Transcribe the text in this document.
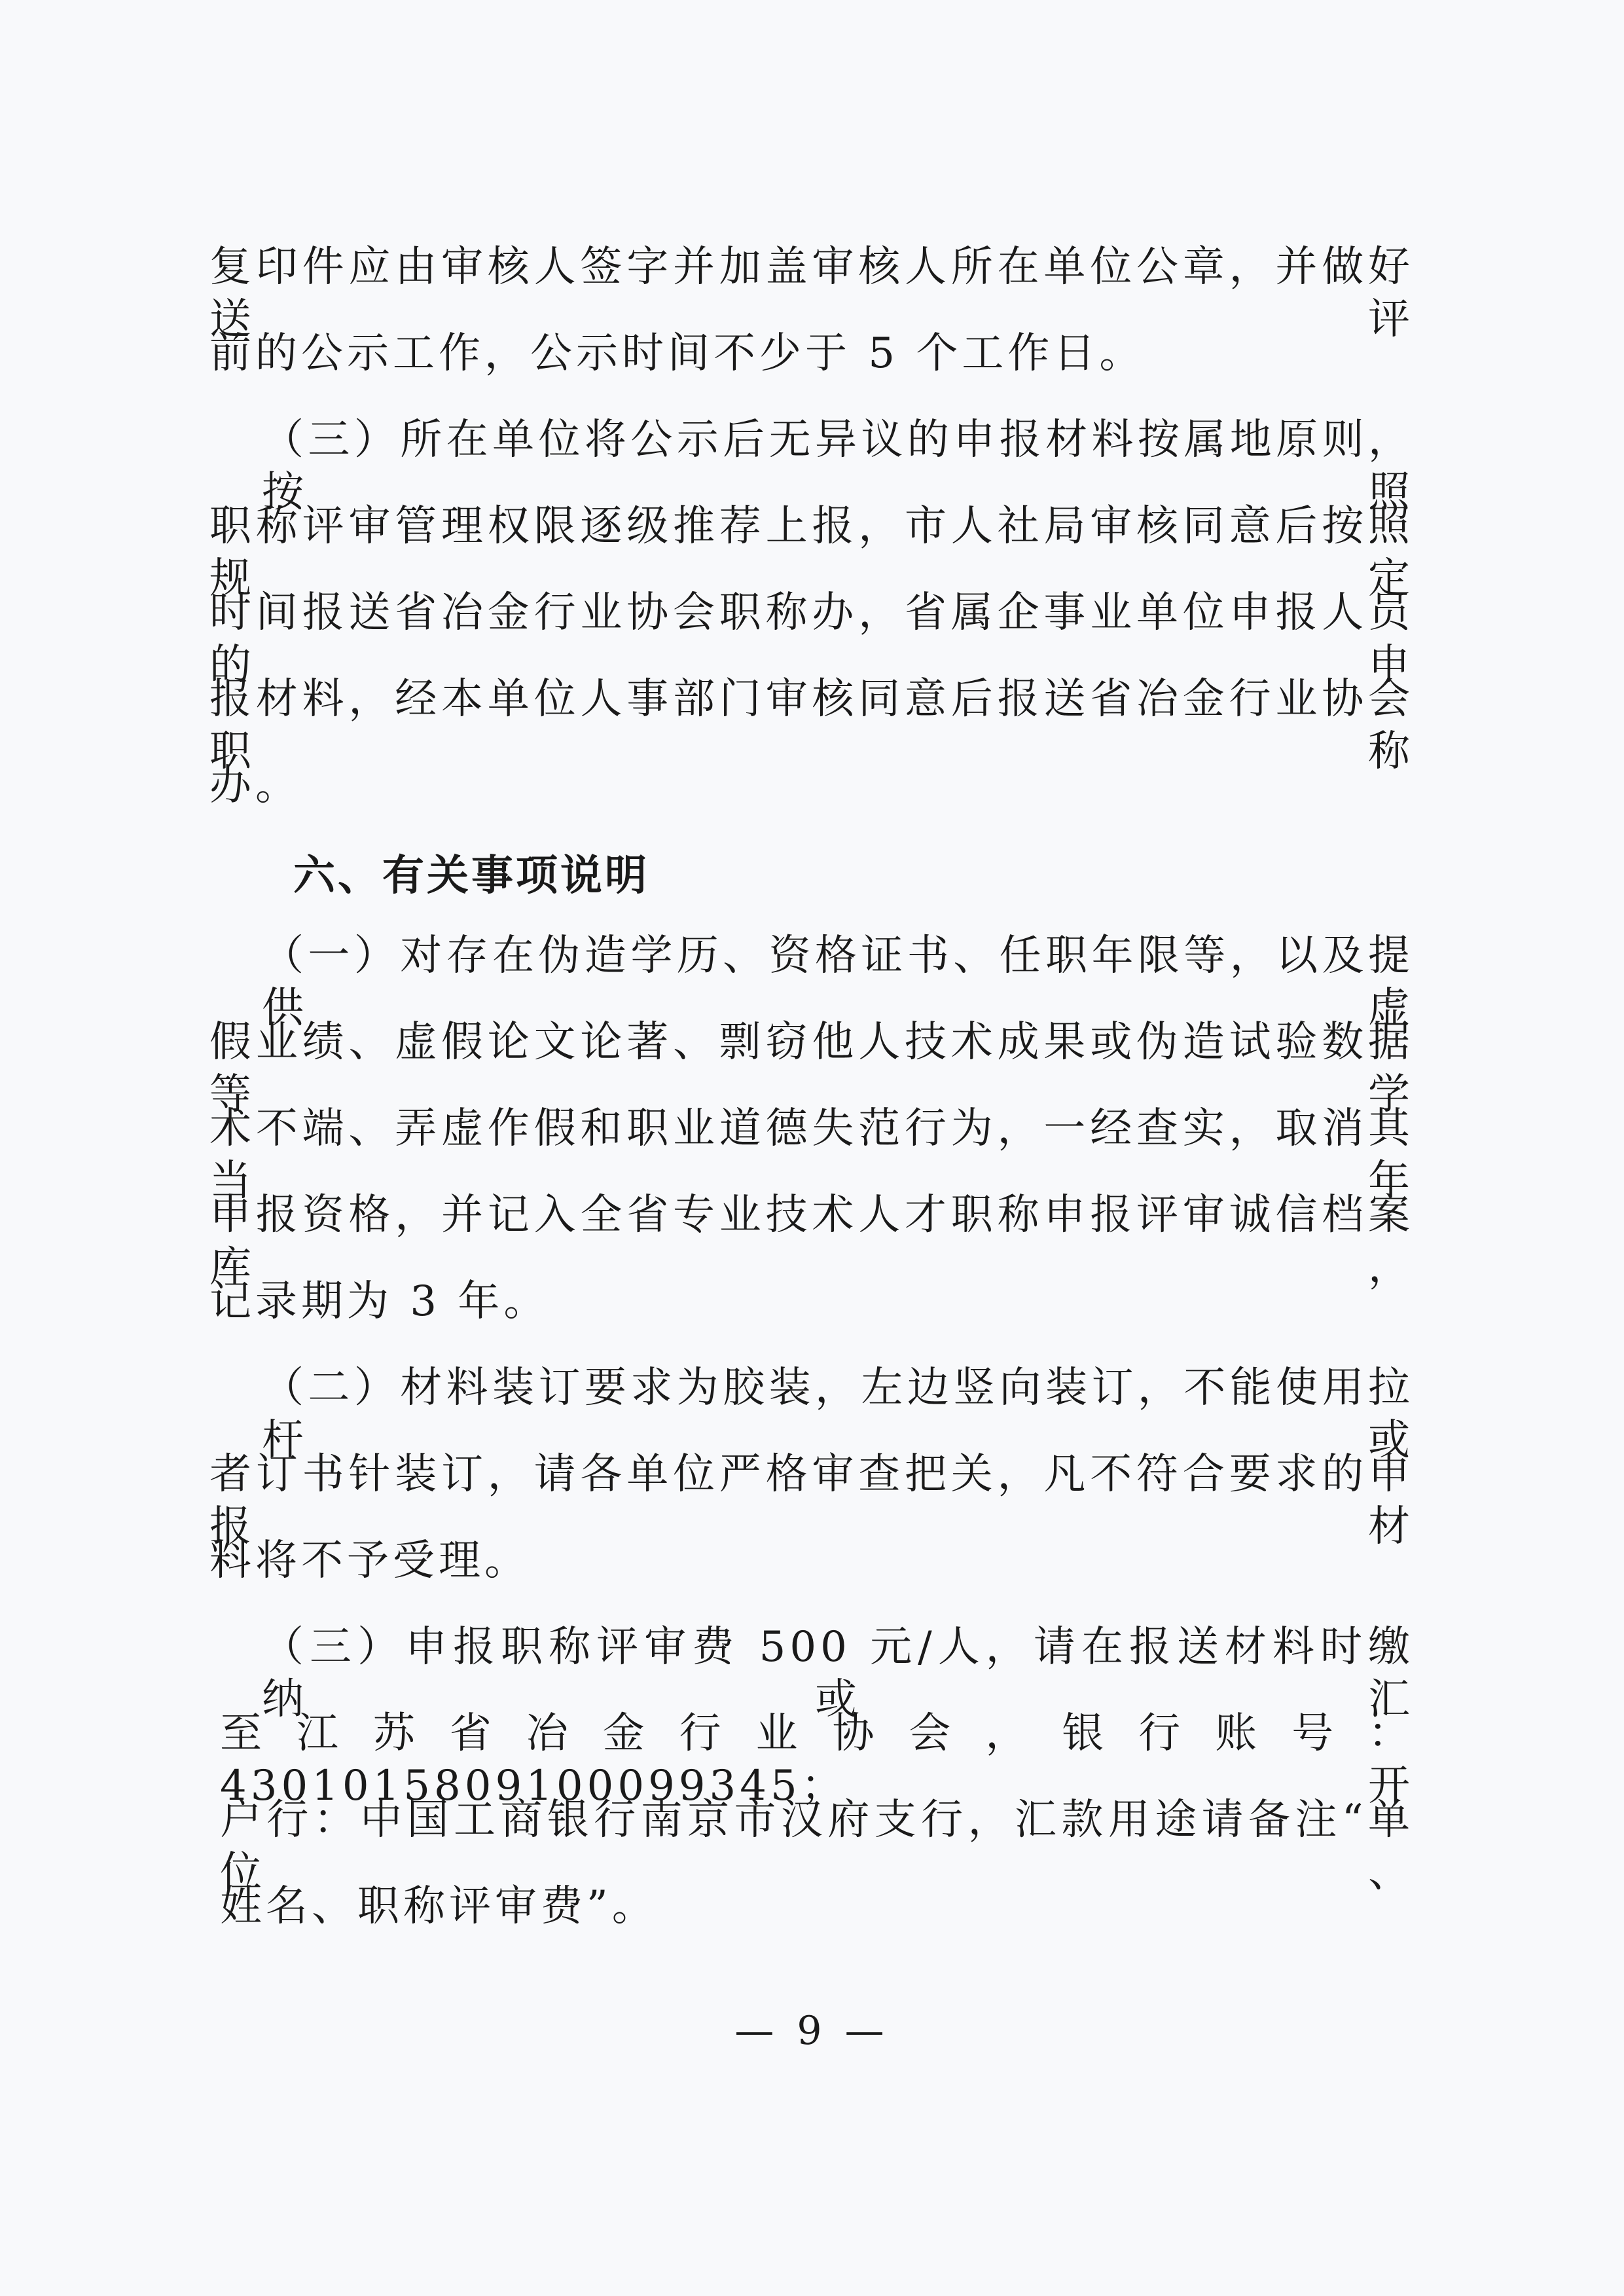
复印件应由审核人签字并加盖审核人所在单位公章，并做好送评
前的公示工作，公示时间不少于 5 个工作日。
（三）所在单位将公示后无异议的申报材料按属地原则，按照
职称评审管理权限逐级推荐上报，市人社局审核同意后按照规定
时间报送省冶金行业协会职称办，省属企事业单位申报人员的申
报材料，经本单位人事部门审核同意后报送省冶金行业协会职称
办。
六、有关事项说明
（一）对存在伪造学历、资格证书、任职年限等，以及提供虚
假业绩、虚假论文论著、剽窃他人技术成果或伪造试验数据等学
术不端、弄虚作假和职业道德失范行为，一经查实，取消其当年
申报资格，并记入全省专业技术人才职称申报评审诚信档案库，
记录期为 3 年。
（二）材料装订要求为胶装，左边竖向装订，不能使用拉杆或
者订书针装订，请各单位严格审查把关，凡不符合要求的申报材
料将不予受理。
（三）申报职称评审费 500 元/人，请在报送材料时缴纳或汇
至江苏省冶金行业协会，银行账号：4301015809100099345；开
户行：中国工商银行南京市汉府支行，汇款用途请备注“单位、
姓名、职称评审费”。
— 9 —
